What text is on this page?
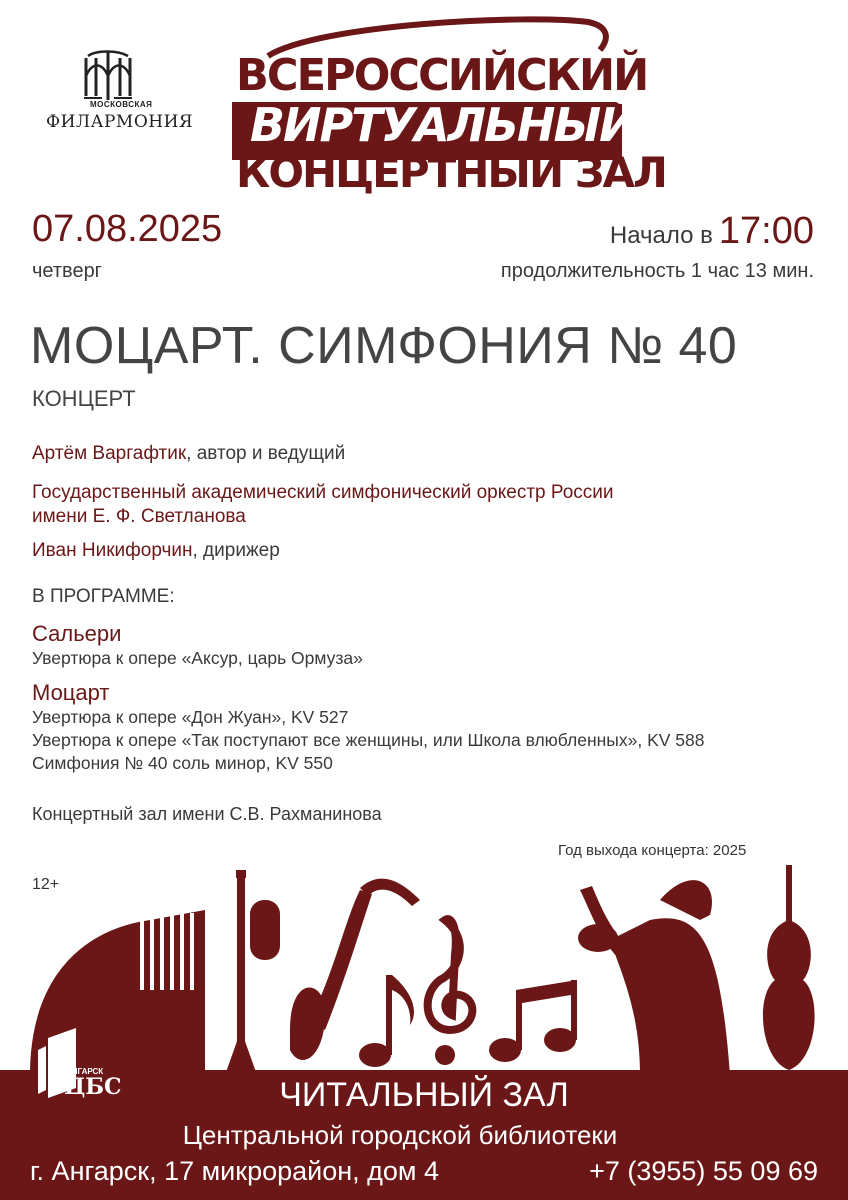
МОСКОВСКАЯ
ФИЛАРМОНИЯ
ВСЕРОССИЙСКИЙ
ВИРТУАЛЬНЫЙ
КОНЦЕРТНЫЙ ЗАЛ
07.08.2025
четверг
Начало в 17:00
продолжительность 1 час 13 мин.
МОЦАРТ. СИМФОНИЯ № 40
КОНЦЕРТ
Артём Варгафтик, автор и ведущий
Государственный академический симфонический оркестр России
имени Е. Ф. Светланова
Иван Никифорчин, дирижер
В ПРОГРАММЕ:
Сальери
Увертюра к опере «Аксур, царь Ормуза»
Моцарт
Увертюра к опере «Дон Жуан», KV 527
Увертюра к опере «Так поступают все женщины, или Школа влюбленных», KV 588
Симфония № 40 соль минор, KV 550
Концертный зал имени С.В. Рахманинова
Год выхода концерта: 2025
12+
АНГАРСК
ЦБС	ЧИТАЛЬНЫЙ ЗАЛ
Центральной городской библиотеки
г. Ангарск, 17 микрорайон, дом 4	+7 (3955) 55 09 69
